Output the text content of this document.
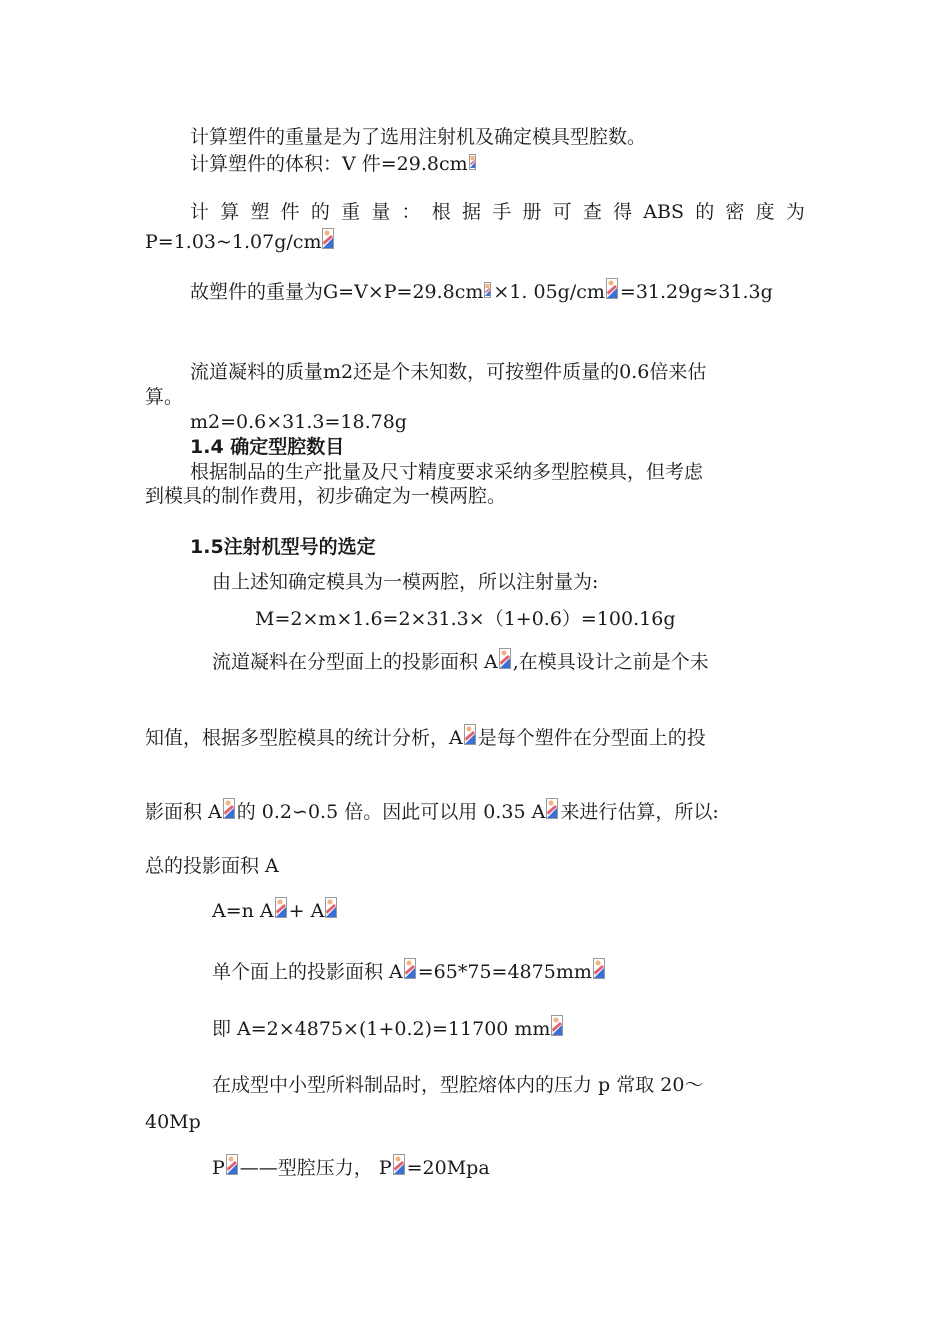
计算塑件的重量是为了选用注射机及确定模具型腔数。
计算塑件的体积：V 件=29.8cm
计 算 塑 件 的 重 量 ： 根 据 手 册 可 查 得 ABS 的 密 度 为
P=1.03~1.07g/cm
故塑件的重量为G=V×P=29.8cm ×1. 05g/cm =31.29g≈31.3g
流道凝料的质量m2还是个未知数，可按塑件质量的0.6倍来估
算。
m2=0.6×31.3=18.78g
1.4 确定型腔数目
根据制品的生产批量及尺寸精度要求采纳多型腔模具，但考虑
到模具的制作费用，初步确定为一模两腔。
1.5注射机型号的选定
由上述知确定模具为一模两腔，所以注射量为:
M=2×m×1.6=2×31.3×（1+0.6）=100.16g
流道凝料在分型面上的投影面积 A ,在模具设计之前是个未
知值，根据多型腔模具的统计分析，A 是每个塑件在分型面上的投
影面积 A 的 0.2∽0.5 倍。因此可以用 0.35 A 来进行估算，所以:
总的投影面积 A
A=n A + A
单个面上的投影面积 A =65*75=4875mm
即 A=2×4875×(1+0.2)=11700 mm
在成型中小型所料制品时，型腔熔体内的压力 p 常取 20～
40Mp
P ——型腔压力， P =20Mpa
